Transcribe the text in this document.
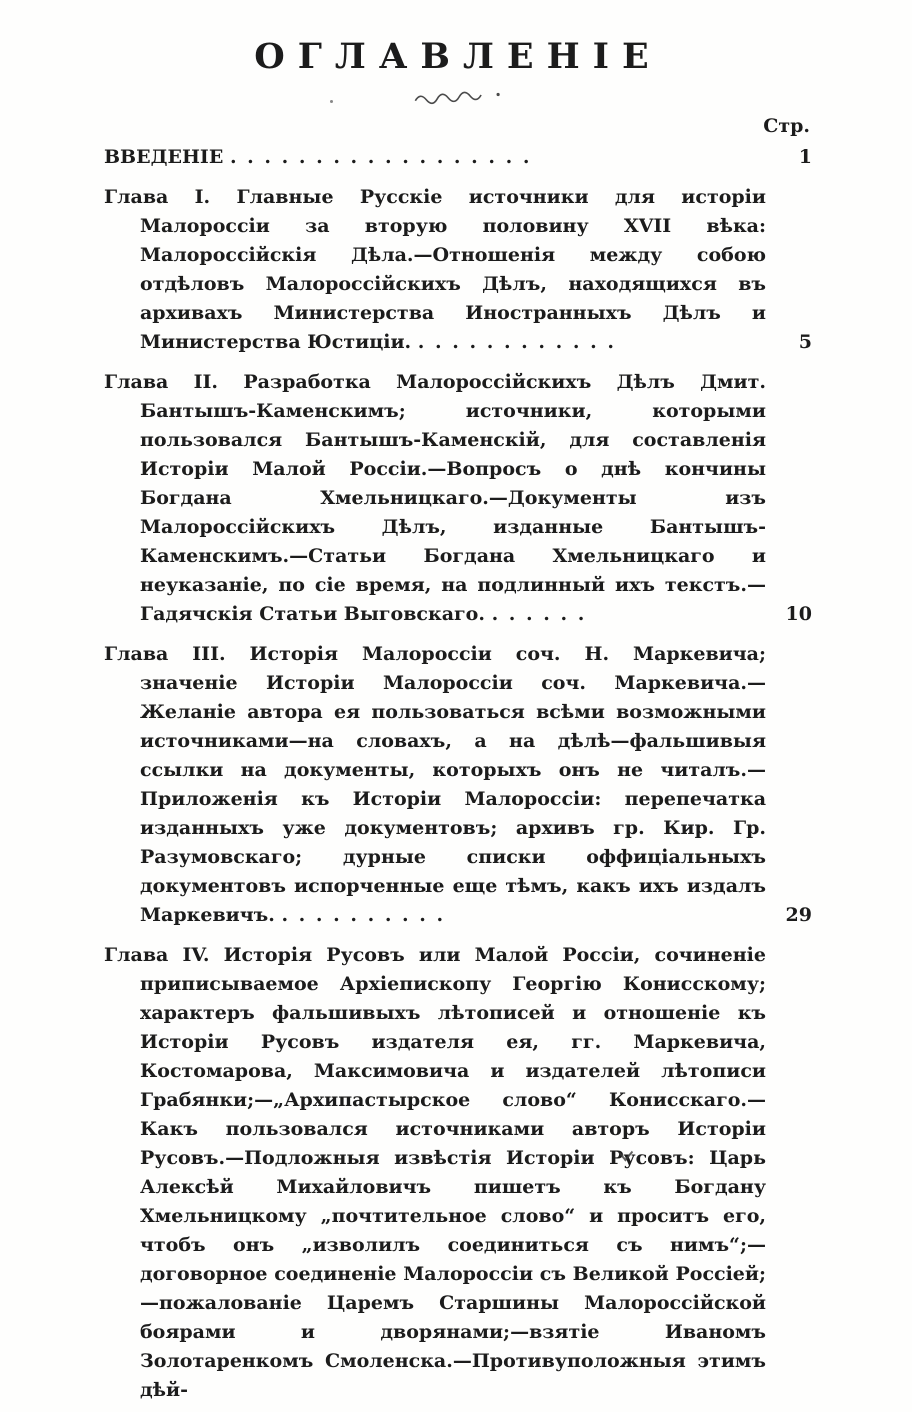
ОГЛАВЛЕНІЕ
Стр.

ВВЕДЕНІЕ . . . . . . . . . . . . . . . . . .	1

Глава I. Главные Русскіе источники для исторіи Малороссіи за вторую половину XVII вѣка: Малороссійскія Дѣла.—Отношенія между собою отдѣловъ Малороссійскихъ Дѣлъ, находящихся въ архивахъ Министерства Иностранныхъ Дѣлъ и Министерства Юстиціи. . . . . . . . . . . . .	5

Глава II. Разработка Малороссійскихъ Дѣлъ Дмит. Бантышъ-Каменскимъ; источники, которыми пользовался Бантышъ-Каменскій, для составленія Исторіи Малой Россіи.—Вопросъ о днѣ кончины Богдана Хмельницкаго.—Документы изъ Малороссійскихъ Дѣлъ, изданные Бантышъ-Каменскимъ.—Статьи Богдана Хмельницкаго и неуказаніе, по сіе время, на подлинный ихъ текстъ.—Гадячскія Статьи Выговскаго. . . . . . .	10

Глава III. Исторія Малороссіи соч. Н. Маркевича; значеніе Исторіи Малороссіи соч. Маркевича.—Желаніе автора ея пользоваться всѣми возможными источниками—на словахъ, а на дѣлѣ—фальшивыя ссылки на документы, которыхъ онъ не читалъ.—Приложенія къ Исторіи Малороссіи: перепечатка изданныхъ уже документовъ; архивъ гр. Кир. Гр. Разумовскаго; дурные списки оффиціальныхъ документовъ испорченные еще тѣмъ, какъ ихъ издалъ Маркевичъ. . . . . . . . . . .	29

Глава IV. Исторія Русовъ или Малой Россіи, сочиненіе приписываемое Архіепископу Георгію Конисскому; характеръ фальшивыхъ лѣтописей и отношеніе къ Исторіи Русовъ издателя ея, гг. Маркевича, Костомарова, Максимовича и издателей лѣтописи Грабянки;—„Архипастырское слово“ Конисскаго.—Какъ пользовался источниками авторъ Исторіи Русовъ.—Подложныя извѣстія Исторіи Русовъ: Царь Алексѣй Михайловичъ пишетъ къ Богдану Хмельницкому „почтительное слово“ и проситъ его, чтобъ онъ „изволилъ соединиться съ нимъ“;—договорное соединеніе Малороссіи съ Великой Россіей;—пожалованіе Царемъ Старшины Малороссійской боярами и дворянами;—взятіе Иваномъ Золотаренкомъ Смоленска.—Противуположныя этимъ дѣй-
